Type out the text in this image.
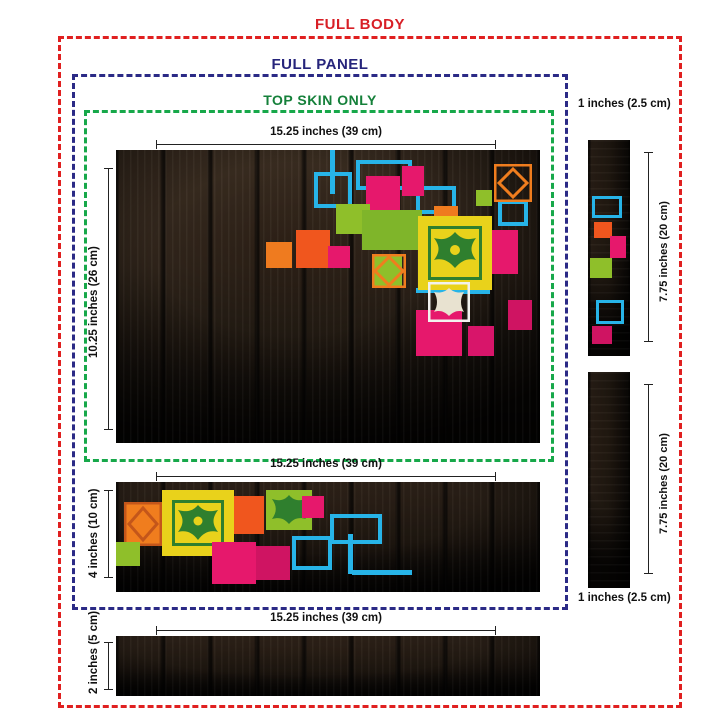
FULL BODY
FULL PANEL
TOP SKIN ONLY
15.25 inches (39 cm)
10.25 inches (26 cm)
15.25 inches (39 cm)
4 inches (10 cm)
15.25 inches (39 cm)
2 inches (5 cm)
1 inches (2.5 cm)
7.75 inches (20 cm)
7.75 inches (20 cm)
1 inches (2.5 cm)
